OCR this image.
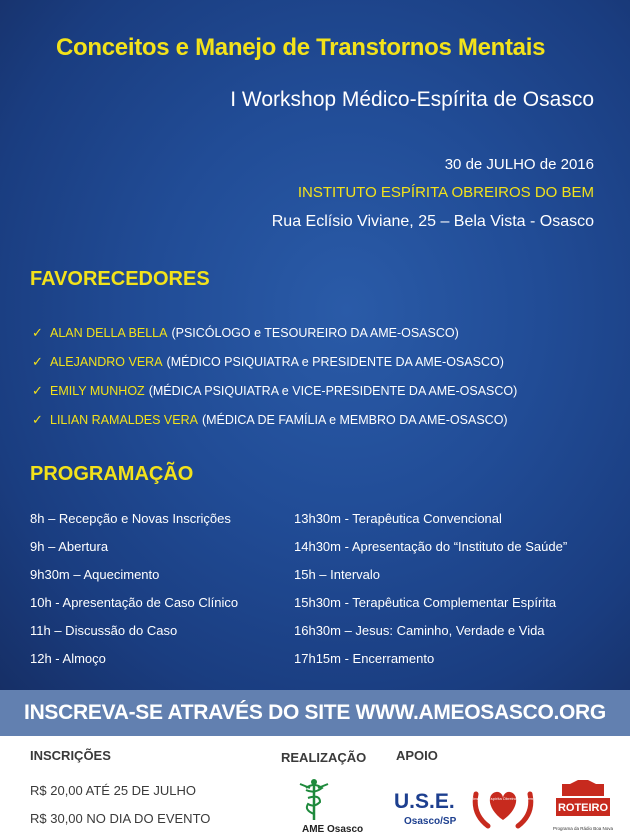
Conceitos e Manejo de Transtornos Mentais
I Workshop Médico-Espírita de Osasco
30 de JULHO de 2016
INSTITUTO ESPÍRITA OBREIROS DO BEM
Rua Eclísio Viviane, 25 – Bela Vista - Osasco
FAVORECEDORES
✓ ALAN DELLA BELLA (PSICÓLOGO e TESOUREIRO DA AME-OSASCO)
✓ ALEJANDRO VERA (MÉDICO PSIQUIATRA e PRESIDENTE DA AME-OSASCO)
✓ EMILY MUNHOZ (MÉDICA PSIQUIATRA e VICE-PRESIDENTE DA AME-OSASCO)
✓ LILIAN RAMALDES VERA (MÉDICA DE FAMÍLIA e MEMBRO DA AME-OSASCO)
PROGRAMAÇÃO
8h – Recepção e Novas Inscrições
9h – Abertura
9h30m – Aquecimento
10h - Apresentação de Caso Clínico
11h – Discussão do Caso
12h - Almoço
13h30m - Terapêutica Convencional
14h30m - Apresentação do “Instituto de Saúde”
15h – Intervalo
15h30m - Terapêutica Complementar Espírita
16h30m – Jesus: Caminho, Verdade e Vida
17h15m - Encerramento
INSCREVA-SE ATRAVÉS DO SITE WWW.AMEOSASCO.ORG
INSCRIÇÕES
R$ 20,00 ATÉ 25 DE JULHO
R$ 30,00 NO DIA DO EVENTO
REALIZAÇÃO APOIO
AME Osasco
U.S.E.
Osasco/SP
Instituto Espírita Obreiros do Bem
ROTEIRO
Programa da Rádio Boa Nova
